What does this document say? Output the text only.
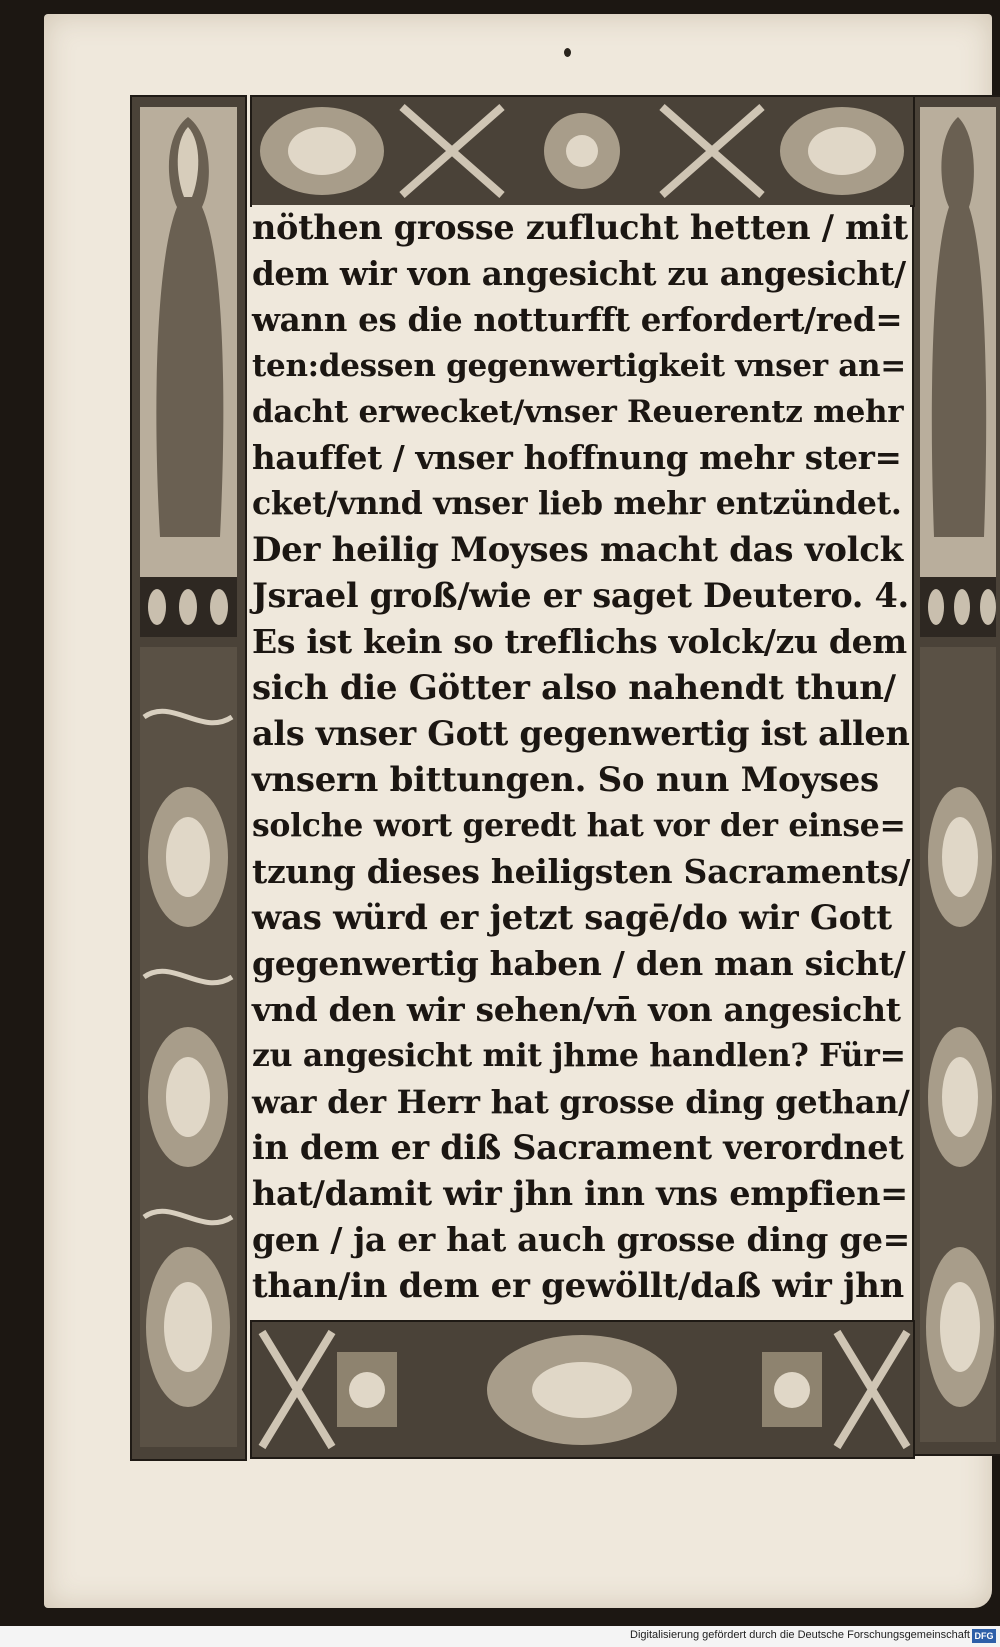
nöthen grosse zuflucht hetten / mit
dem wir von angesicht zu angesicht/
wann es die notturfft erfordert/red=
ten:dessen gegenwertigkeit vnser an=
dacht erwecket/vnser Reuerentz mehr
hauffet / vnser hoffnung mehr ster=
cket/vnnd vnser lieb mehr entzündet.
Der heilig Moyses macht das volck
Jsrael groß/wie er saget Deutero. 4.
Es ist kein so treflichs volck/zu dem
sich die Götter also nahendt thun/
als vnser Gott gegenwertig ist allen
vnsern bittungen. So nun Moyses
solche wort geredt hat vor der einse=
tzung dieses heiligsten Sacraments/
was würd er jetzt sagē/do wir Gott
gegenwertig haben / den man sicht/
vnd den wir sehen/vn̄ von angesicht
zu angesicht mit jhme handlen? Für=
war der Herr hat grosse ding gethan/
in dem er diß Sacrament verordnet
hat/damit wir jhn inn vns empfien=
gen / ja er hat auch grosse ding ge=
than/in dem er gewöllt/daß wir jhn
Digitalisierung gefördert durch die Deutsche Forschungsgemeinschaft DFG
